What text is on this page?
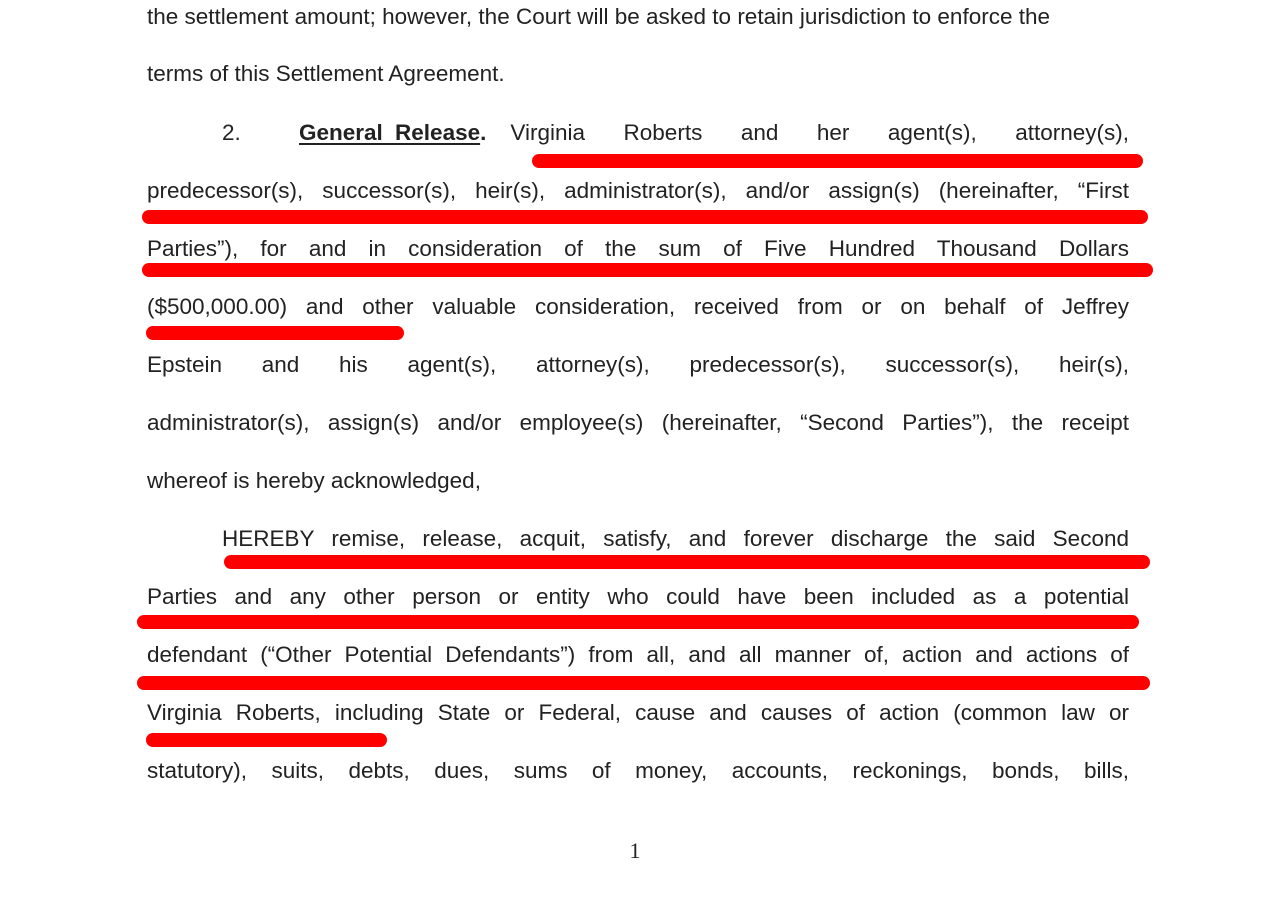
the settlement amount; however, the Court will be asked to retain jurisdiction to enforce the
terms of this Settlement Agreement.
2.	General Release. Virginia Roberts and her agent(s), attorney(s),
predecessor(s), successor(s), heir(s), administrator(s), and/or assign(s) (hereinafter, “First
Parties”), for and in consideration of the sum of Five Hundred Thousand Dollars
($500,000.00) and other valuable consideration, received from or on behalf of Jeffrey
Epstein and his agent(s), attorney(s), predecessor(s), successor(s), heir(s),
administrator(s), assign(s) and/or employee(s) (hereinafter, “Second Parties”), the receipt
whereof is hereby acknowledged,
HEREBY remise, release, acquit, satisfy, and forever discharge the said Second
Parties and any other person or entity who could have been included as a potential
defendant (“Other Potential Defendants”) from all, and all manner of, action and actions of
Virginia Roberts, including State or Federal, cause and causes of action (common law or
statutory), suits, debts, dues, sums of money, accounts, reckonings, bonds, bills,
1
